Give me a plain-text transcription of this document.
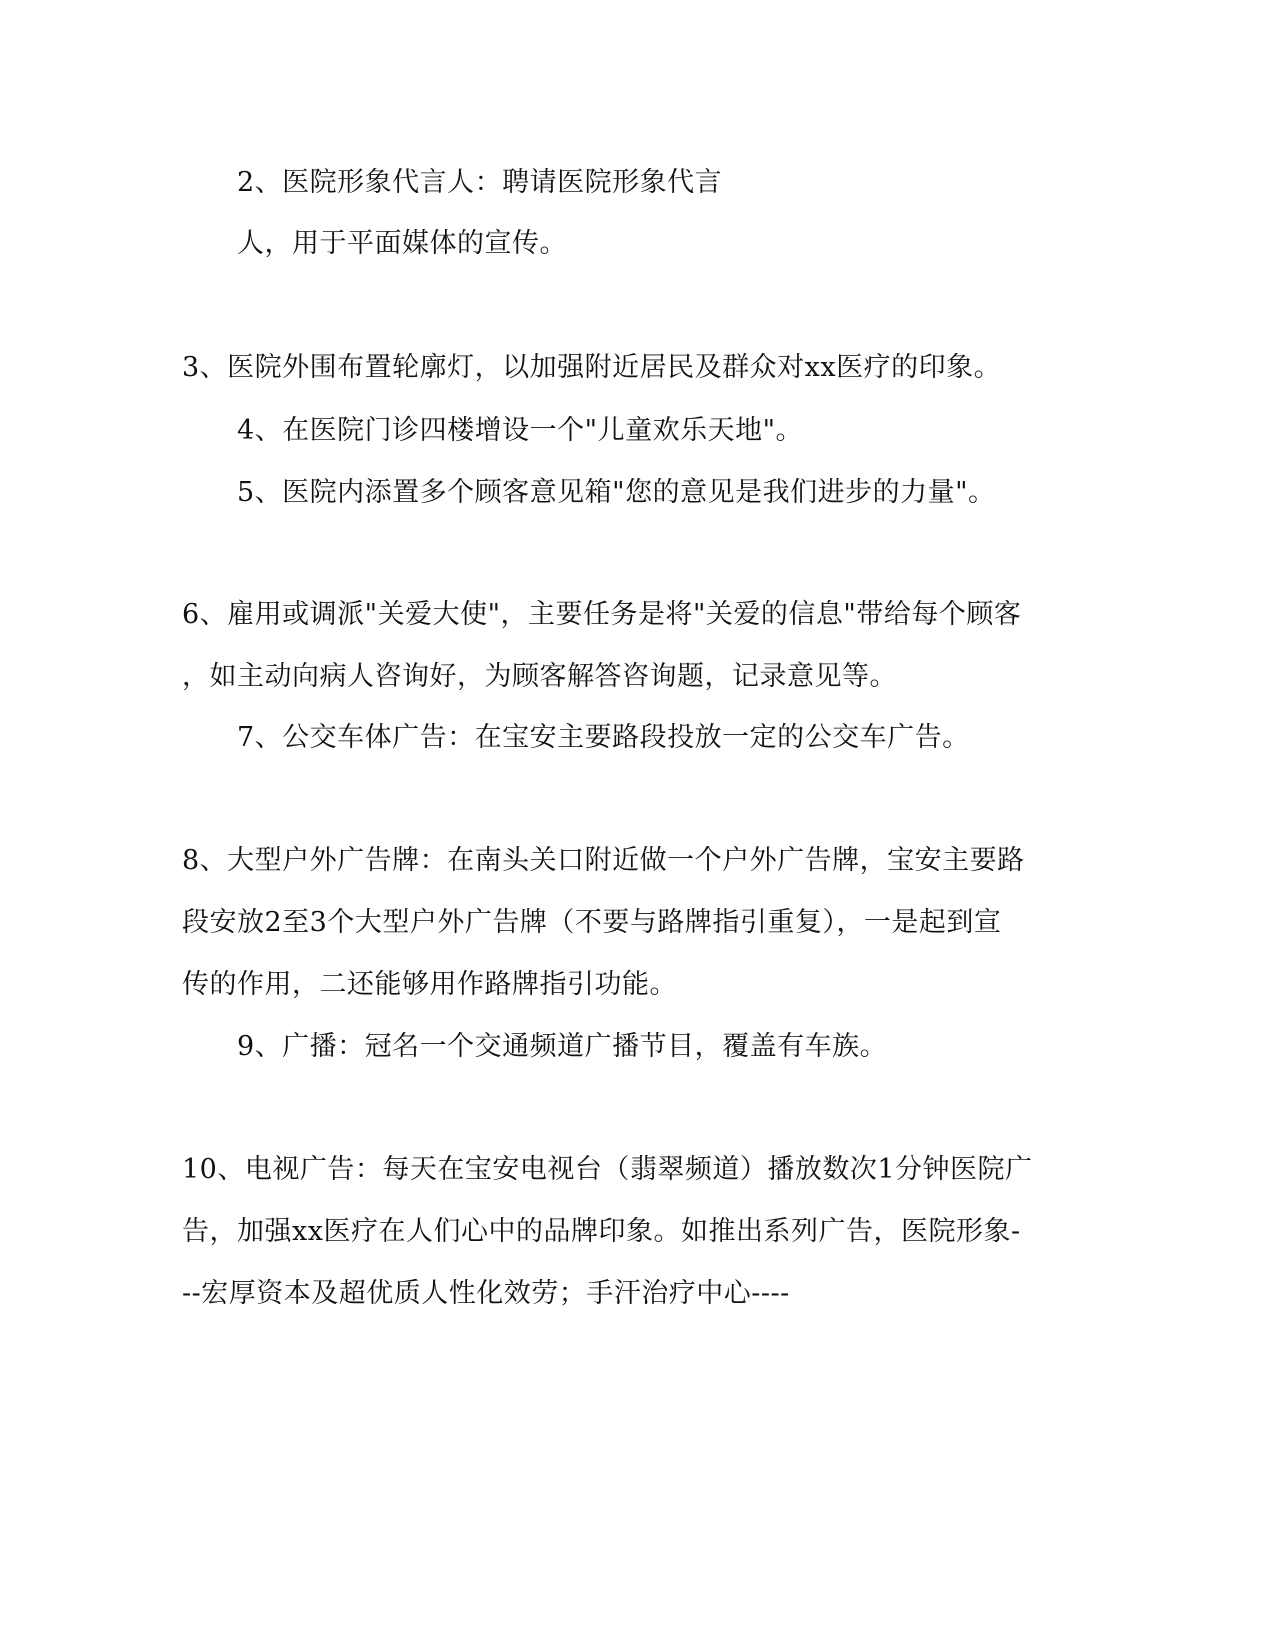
2、医院形象代言人：聘请医院形象代言
人，用于平面媒体的宣传。
3、医院外围布置轮廓灯，以加强附近居民及群众对xx医疗的印象。
4、在医院门诊四楼增设一个"儿童欢乐天地"。
5、医院内添置多个顾客意见箱"您的意见是我们进步的力量"。
6、雇用或调派"关爱大使"，主要任务是将"关爱的信息"带给每个顾客
，如主动向病人咨询好，为顾客解答咨询题，记录意见等。
7、公交车体广告：在宝安主要路段投放一定的公交车广告。
8、大型户外广告牌：在南头关口附近做一个户外广告牌，宝安主要路
段安放2至3个大型户外广告牌（不要与路牌指引重复），一是起到宣
传的作用，二还能够用作路牌指引功能。
9、广播：冠名一个交通频道广播节目，覆盖有车族。
10、电视广告：每天在宝安电视台（翡翠频道）播放数次1分钟医院广
告，加强xx医疗在人们心中的品牌印象。如推出系列广告，医院形象-
--宏厚资本及超优质人性化效劳；手汗治疗中心----
